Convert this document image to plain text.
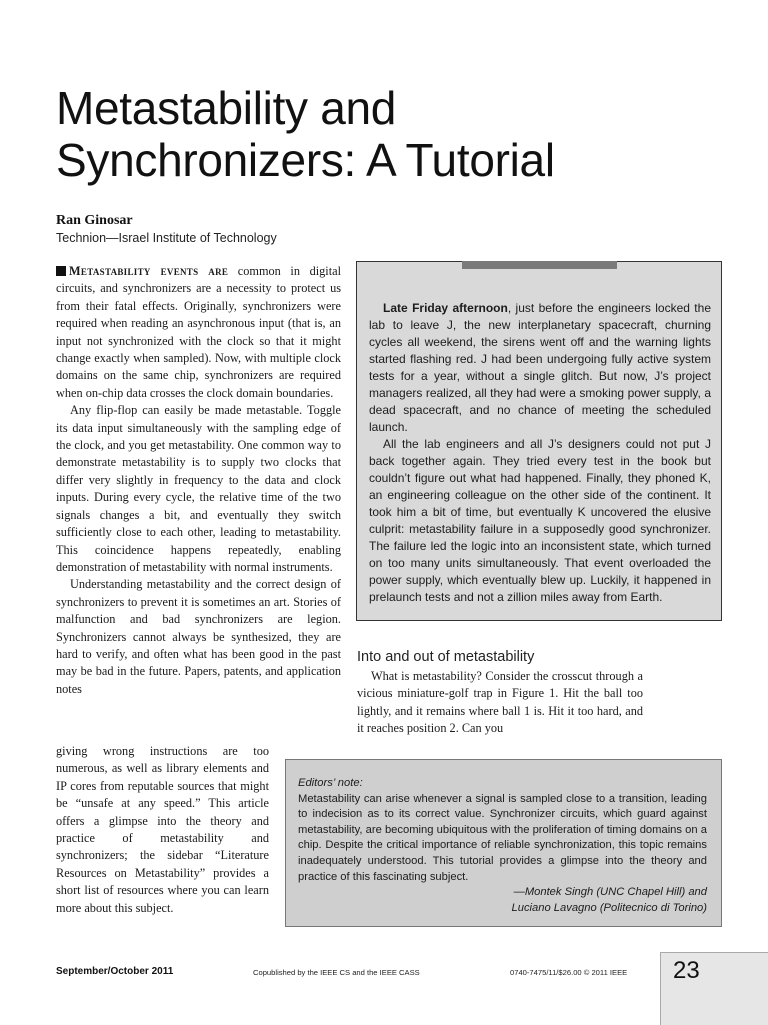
Metastability and
Synchronizers: A Tutorial
Ran Ginosar
Technion—Israel Institute of Technology

Metastability events are common in digital circuits, and synchronizers are a necessity to protect us from their fatal effects. Originally, synchronizers were required when reading an asynchronous input (that is, an input not synchronized with the clock so that it might change exactly when sampled). Now, with multiple clock domains on the same chip, synchronizers are required when on-chip data crosses the clock domain boundaries.

Any flip-flop can easily be made metastable. Toggle its data input simultaneously with the sampling edge of the clock, and you get metastability. One common way to demonstrate metastability is to supply two clocks that differ very slightly in frequency to the data and clock inputs. During every cycle, the relative time of the two signals changes a bit, and eventually they switch sufficiently close to each other, leading to metastability. This coincidence happens repeatedly, enabling demonstration of metastability with normal instruments.

Understanding metastability and the correct design of synchronizers to prevent it is sometimes an art. Stories of malfunction and bad synchronizers are legion. Synchronizers cannot always be synthesized, they are hard to verify, and often what has been good in the past may be bad in the future. Papers, patents, and application notes

giving wrong instructions are too numerous, as well as library elements and IP cores from reputable sources that might be “unsafe at any speed.” This article offers a glimpse into the theory and practice of metastability and synchronizers; the sidebar “Literature Resources on Metastability” provides a short list of resources where you can learn more about this subject.

Late Friday afternoon, just before the engineers locked the lab to leave J, the new interplanetary spacecraft, churning cycles all weekend, the sirens went off and the warning lights started flashing red. J had been undergoing fully active system tests for a year, without a single glitch. But now, J’s project managers realized, all they had were a smoking power supply, a dead spacecraft, and no chance of meeting the scheduled launch.

All the lab engineers and all J’s designers could not put J back together again. They tried every test in the book but couldn’t figure out what had happened. Finally, they phoned K, an engineering colleague on the other side of the continent. It took him a bit of time, but eventually K uncovered the elusive culprit: metastability failure in a supposedly good synchronizer. The failure led the logic into an inconsistent state, which turned on too many units simultaneously. That event overloaded the power supply, which eventually blew up. Luckily, it happened in prelaunch tests and not a zillion miles away from Earth.

Into and out of metastability
What is metastability? Consider the crosscut through a vicious miniature-golf trap in Figure 1. Hit the ball too lightly, and it remains where ball 1 is. Hit it too hard, and it reaches position 2. Can you
Editors’ note:
Metastability can arise whenever a signal is sampled close to a transition, leading to indecision as to its correct value. Synchronizer circuits, which guard against metastability, are becoming ubiquitous with the proliferation of timing domains on a chip. Despite the critical importance of reliable synchronization, this topic remains inadequately understood. This tutorial provides a glimpse into the theory and practice of this fascinating subject.
—Montek Singh (UNC Chapel Hill) and
Luciano Lavagno (Politecnico di Torino)
September/October 2011	Copublished by the IEEE CS and the IEEE CASS	0740-7475/11/$26.00 © 2011 IEEE 23
